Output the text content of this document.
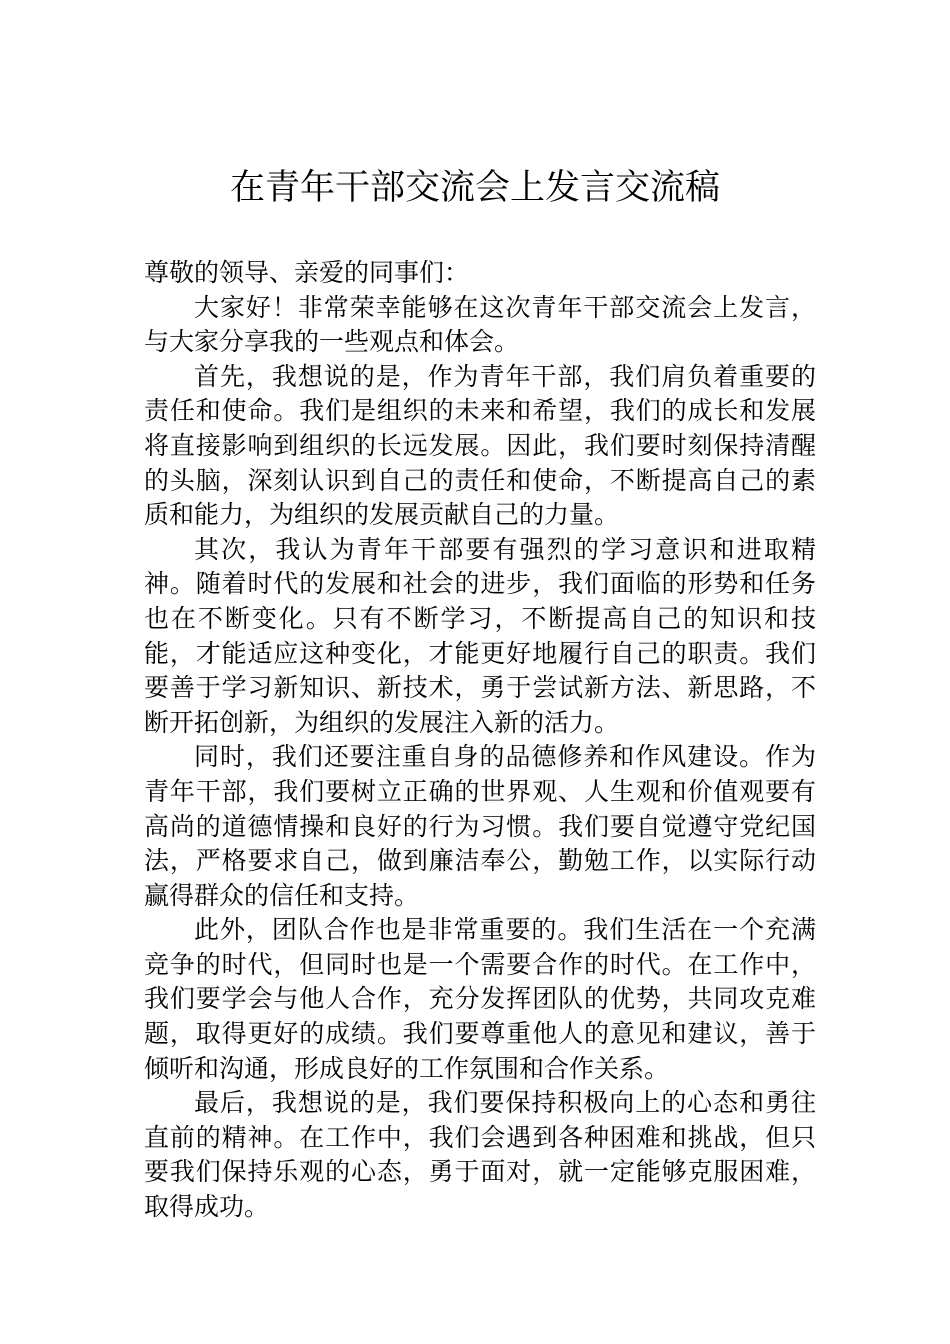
在青年干部交流会上发言交流稿

尊敬的领导、亲爱的同事们：

大家好！非常荣幸能够在这次青年干部交流会上发言，与大家分享我的一些观点和体会。

首先，我想说的是，作为青年干部，我们肩负着重要的责任和使命。我们是组织的未来和希望，我们的成长和发展将直接影响到组织的长远发展。因此，我们要时刻保持清醒的头脑，深刻认识到自己的责任和使命，不断提高自己的素质和能力，为组织的发展贡献自己的力量。

其次，我认为青年干部要有强烈的学习意识和进取精神。随着时代的发展和社会的进步，我们面临的形势和任务也在不断变化。只有不断学习，不断提高自己的知识和技能，才能适应这种变化，才能更好地履行自己的职责。我们要善于学习新知识、新技术，勇于尝试新方法、新思路，不断开拓创新，为组织的发展注入新的活力。

同时，我们还要注重自身的品德修养和作风建设。作为青年干部，我们要树立正确的世界观、人生观和价值观要有高尚的道德情操和良好的行为习惯。我们要自觉遵守党纪国法，严格要求自己，做到廉洁奉公，勤勉工作，以实际行动赢得群众的信任和支持。

此外，团队合作也是非常重要的。我们生活在一个充满竞争的时代，但同时也是一个需要合作的时代。在工作中，我们要学会与他人合作，充分发挥团队的优势，共同攻克难题，取得更好的成绩。我们要尊重他人的意见和建议，善于倾听和沟通，形成良好的工作氛围和合作关系。

最后，我想说的是，我们要保持积极向上的心态和勇往直前的精神。在工作中，我们会遇到各种困难和挑战，但只要我们保持乐观的心态，勇于面对，就一定能够克服困难，取得成功。
